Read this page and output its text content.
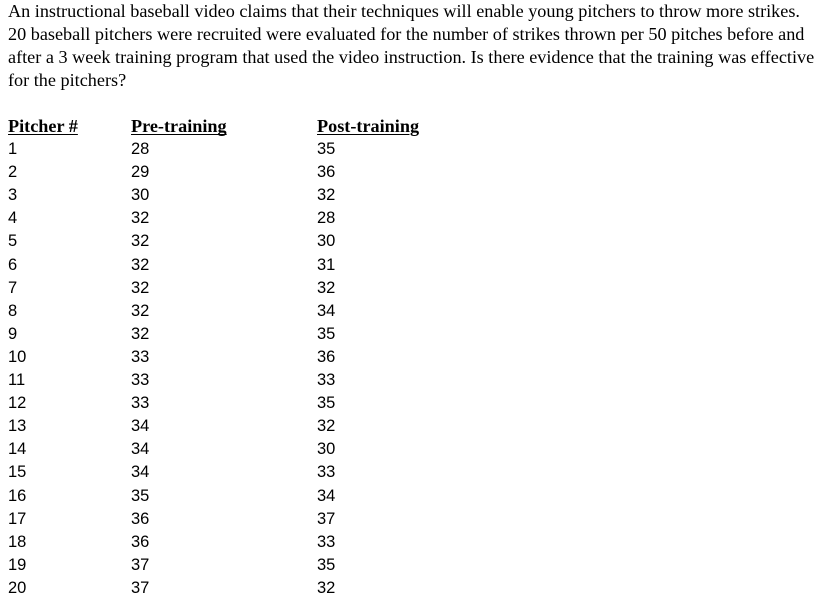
An instructional baseball video claims that their techniques will enable young pitchers to throw more strikes. 20 baseball pitchers were recruited were evaluated for the number of strikes thrown per 50 pitches before and after a 3 week training program that used the video instruction. Is there evidence that the training was effective for the pitchers?

Pitcher #	Pre-training	Post-training
1	28	35
2	29	36
3	30	32
4	32	28
5	32	30
6	32	31
7	32	32
8	32	34
9	32	35
10	33	36
11	33	33
12	33	35
13	34	32
14	34	30
15	34	33
16	35	34
17	36	37
18	36	33
19	37	35
20	37	32
